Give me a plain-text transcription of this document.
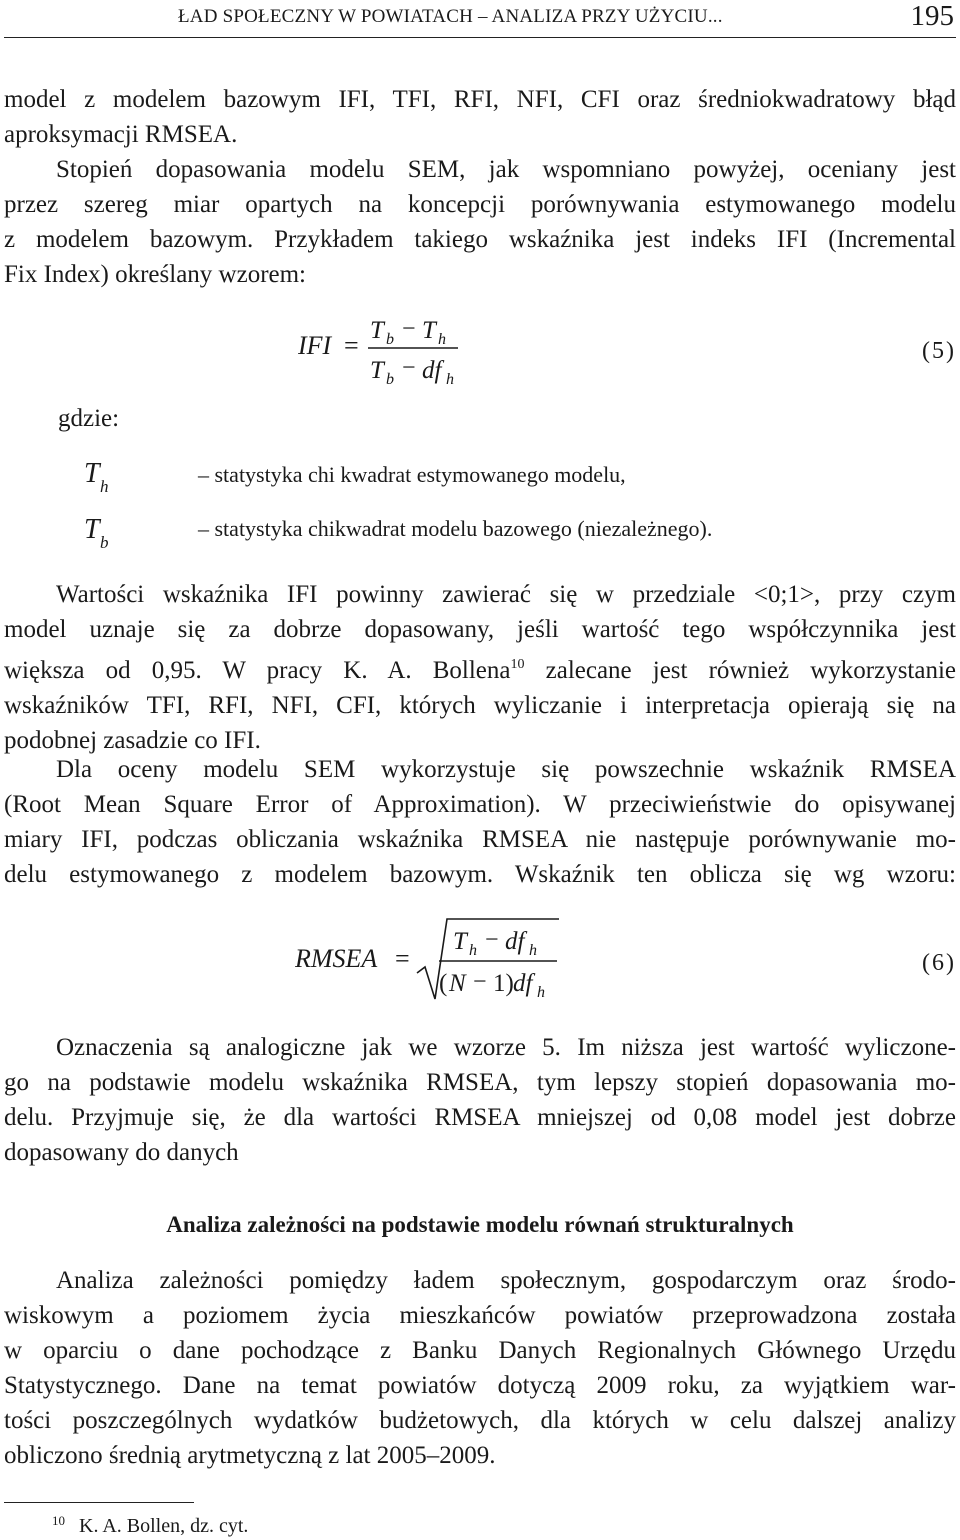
ŁAD SPOŁECZNY W POWIATACH – ANALIZA PRZY UŻYCIU...	195
model z modelem bazowym IFI, TFI, RFI, NFI, CFI oraz średniokwadratowy błąd
aproksymacji RMSEA.
Stopień dopasowania modelu SEM, jak wspomniano powyżej, oceniany jest
przez szereg miar opartych na koncepcji porównywania estymowanego modelu
z modelem bazowym. Przykładem takiego wskaźnika jest indeks IFI (Incremental
Fix Index) określany wzorem:
IFI =
T b − T h
T b − df h
(5)
gdzie:
T h	– statystyka chi kwadrat estymowanego modelu,
T b
– statystyka chikwadrat modelu bazowego (niezależnego).
Wartości wskaźnika IFI powinny zawierać się w przedziale <0;1>, przy czym
model uznaje się za dobrze dopasowany, jeśli wartość tego współczynnika jest
większa od 0,95. W pracy K. A. Bollena$^{10}$ zalecane jest również wykorzystanie
wskaźników TFI, RFI, NFI, CFI, których wyliczanie i interpretacja opierają się na
podobnej zasadzie co IFI.
Dla oceny modelu SEM wykorzystuje się powszechnie wskaźnik RMSEA
(Root Mean Square Error of Approximation). W przeciwieństwie do opisywanej
miary IFI, podczas obliczania wskaźnika RMSEA nie następuje porównywanie mo-
delu estymowanego z modelem bazowym. Wskaźnik ten oblicza się wg wzoru:
RMSEA =
T h − df h
( N − 1) df h
(6)
Oznaczenia są analogiczne jak we wzorze 5. Im niższa jest wartość wyliczone-
go na podstawie modelu wskaźnika RMSEA, tym lepszy stopień dopasowania mo-
delu. Przyjmuje się, że dla wartości RMSEA mniejszej od 0,08 model jest dobrze
dopasowany do danych
Analiza zależności na podstawie modelu równań strukturalnych
Analiza zależności pomiędzy ładem społecznym, gospodarczym oraz środo-
wiskowym a poziomem życia mieszkańców powiatów przeprowadzona została
w oparciu o dane pochodzące z Banku Danych Regionalnych Głównego Urzędu
Statystycznego. Dane na temat powiatów dotyczą 2009 roku, za wyjątkiem war-
tości poszczególnych wydatków budżetowych, dla których w celu dalszej analizy
obliczono średnią arytmetyczną z lat 2005–2009.
$^{10}$ K. A. Bollen, dz. cyt.
